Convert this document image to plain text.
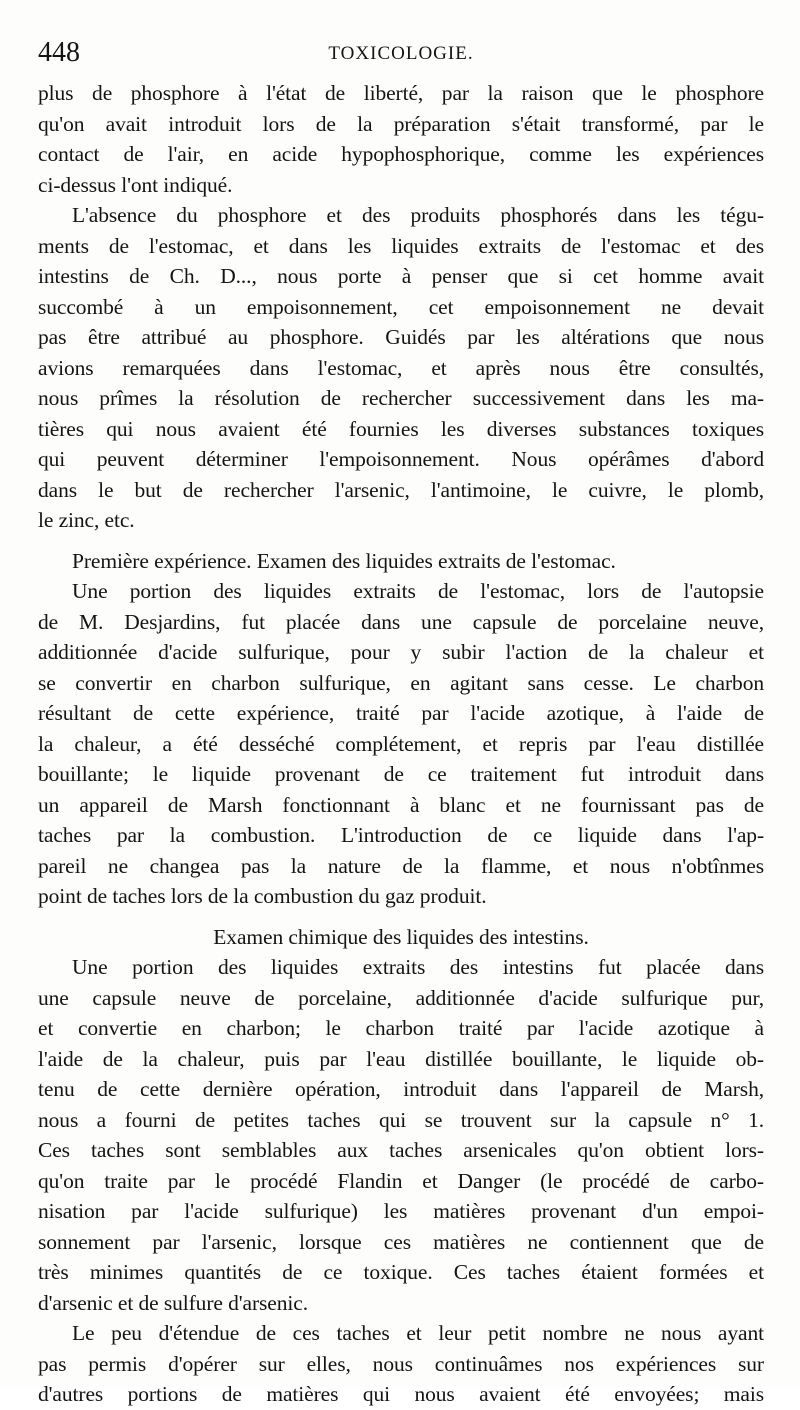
448	TOXICOLOGIE.
plus de phosphore à l'état de liberté, par la raison que le phosphore
qu'on avait introduit lors de la préparation s'était transformé, par le
contact de l'air, en acide hypophosphorique, comme les expériences
ci-dessus l'ont indiqué.
L'absence du phosphore et des produits phosphorés dans les tégu-
ments de l'estomac, et dans les liquides extraits de l'estomac et des
intestins de Ch. D..., nous porte à penser que si cet homme avait
succombé à un empoisonnement, cet empoisonnement ne devait
pas être attribué au phosphore. Guidés par les altérations que nous
avions remarquées dans l'estomac, et après nous être consultés,
nous prîmes la résolution de rechercher successivement dans les ma-
tières qui nous avaient été fournies les diverses substances toxiques
qui peuvent déterminer l'empoisonnement. Nous opérâmes d'abord
dans le but de rechercher l'arsenic, l'antimoine, le cuivre, le plomb,
le zinc, etc.
Première expérience. Examen des liquides extraits de l'estomac.
Une portion des liquides extraits de l'estomac, lors de l'autopsie
de M. Desjardins, fut placée dans une capsule de porcelaine neuve,
additionnée d'acide sulfurique, pour y subir l'action de la chaleur et
se convertir en charbon sulfurique, en agitant sans cesse. Le charbon
résultant de cette expérience, traité par l'acide azotique, à l'aide de
la chaleur, a été desséché complétement, et repris par l'eau distillée
bouillante; le liquide provenant de ce traitement fut introduit dans
un appareil de Marsh fonctionnant à blanc et ne fournissant pas de
taches par la combustion. L'introduction de ce liquide dans l'ap-
pareil ne changea pas la nature de la flamme, et nous n'obtînmes
point de taches lors de la combustion du gaz produit.
Examen chimique des liquides des intestins.
Une portion des liquides extraits des intestins fut placée dans
une capsule neuve de porcelaine, additionnée d'acide sulfurique pur,
et convertie en charbon; le charbon traité par l'acide azotique à
l'aide de la chaleur, puis par l'eau distillée bouillante, le liquide ob-
tenu de cette dernière opération, introduit dans l'appareil de Marsh,
nous a fourni de petites taches qui se trouvent sur la capsule n° 1.
Ces taches sont semblables aux taches arsenicales qu'on obtient lors-
qu'on traite par le procédé Flandin et Danger (le procédé de carbo-
nisation par l'acide sulfurique) les matières provenant d'un empoi-
sonnement par l'arsenic, lorsque ces matières ne contiennent que de
très minimes quantités de ce toxique. Ces taches étaient formées et
d'arsenic et de sulfure d'arsenic.
Le peu d'étendue de ces taches et leur petit nombre ne nous ayant
pas permis d'opérer sur elles, nous continuâmes nos expériences sur
d'autres portions de matières qui nous avaient été envoyées; mais
